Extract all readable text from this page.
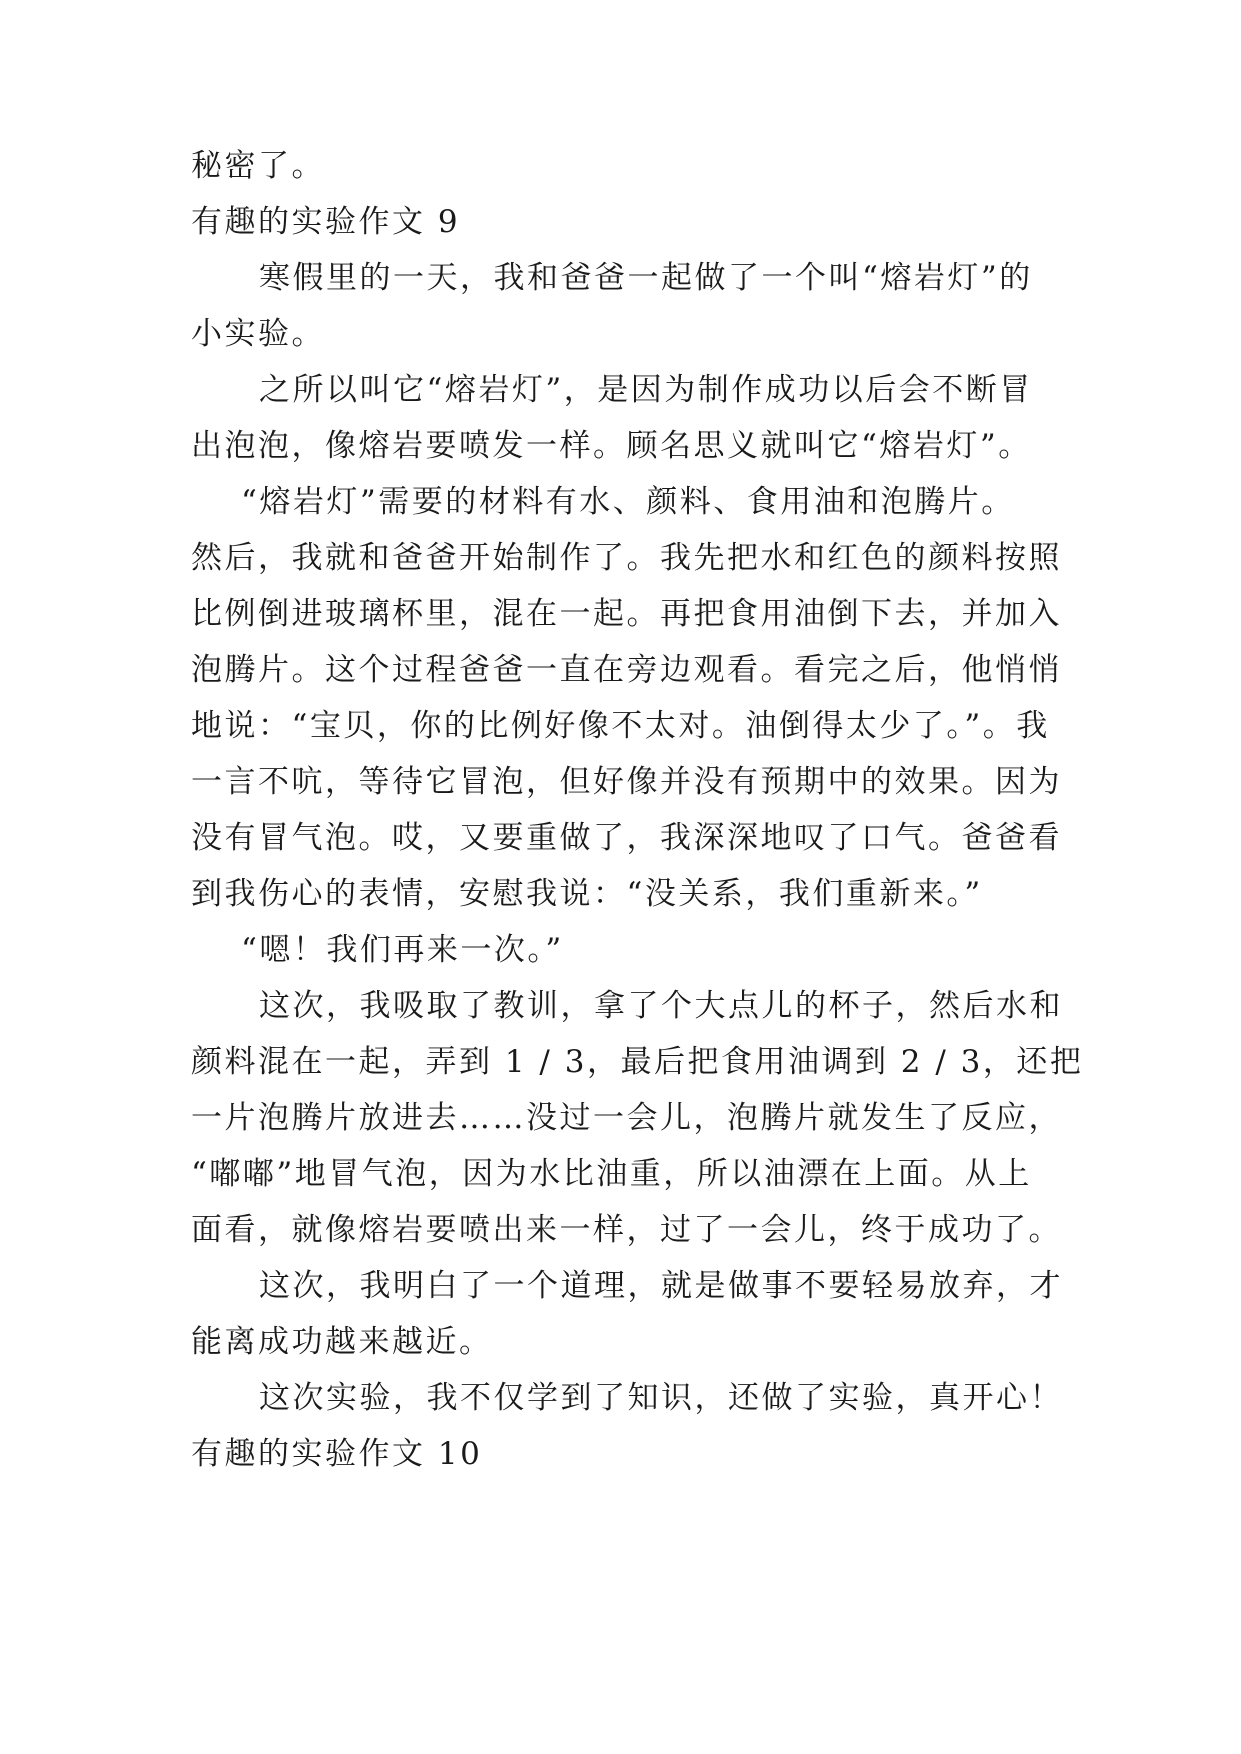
秘密了。
有趣的实验作文 9
寒假里的一天，我和爸爸一起做了一个叫“熔岩灯”的
小实验。
之所以叫它“熔岩灯”，是因为制作成功以后会不断冒
出泡泡，像熔岩要喷发一样。顾名思义就叫它“熔岩灯”。
“熔岩灯”需要的材料有水、颜料、食用油和泡腾片。
然后，我就和爸爸开始制作了。我先把水和红色的颜料按照
比例倒进玻璃杯里，混在一起。再把食用油倒下去，并加入
泡腾片。这个过程爸爸一直在旁边观看。看完之后，他悄悄
地说：“宝贝，你的比例好像不太对。油倒得太少了。”。我
一言不吭，等待它冒泡，但好像并没有预期中的效果。因为
没有冒气泡。哎，又要重做了，我深深地叹了口气。爸爸看
到我伤心的表情，安慰我说：“没关系，我们重新来。”
“嗯！我们再来一次。”
这次，我吸取了教训，拿了个大点儿的杯子，然后水和
颜料混在一起，弄到 1 / 3，最后把食用油调到 2 / 3，还把
一片泡腾片放进去……没过一会儿，泡腾片就发生了反应，
“嘟嘟”地冒气泡，因为水比油重，所以油漂在上面。从上
面看，就像熔岩要喷出来一样，过了一会儿，终于成功了。
这次，我明白了一个道理，就是做事不要轻易放弃，才
能离成功越来越近。
这次实验，我不仅学到了知识，还做了实验，真开心！
有趣的实验作文 10
